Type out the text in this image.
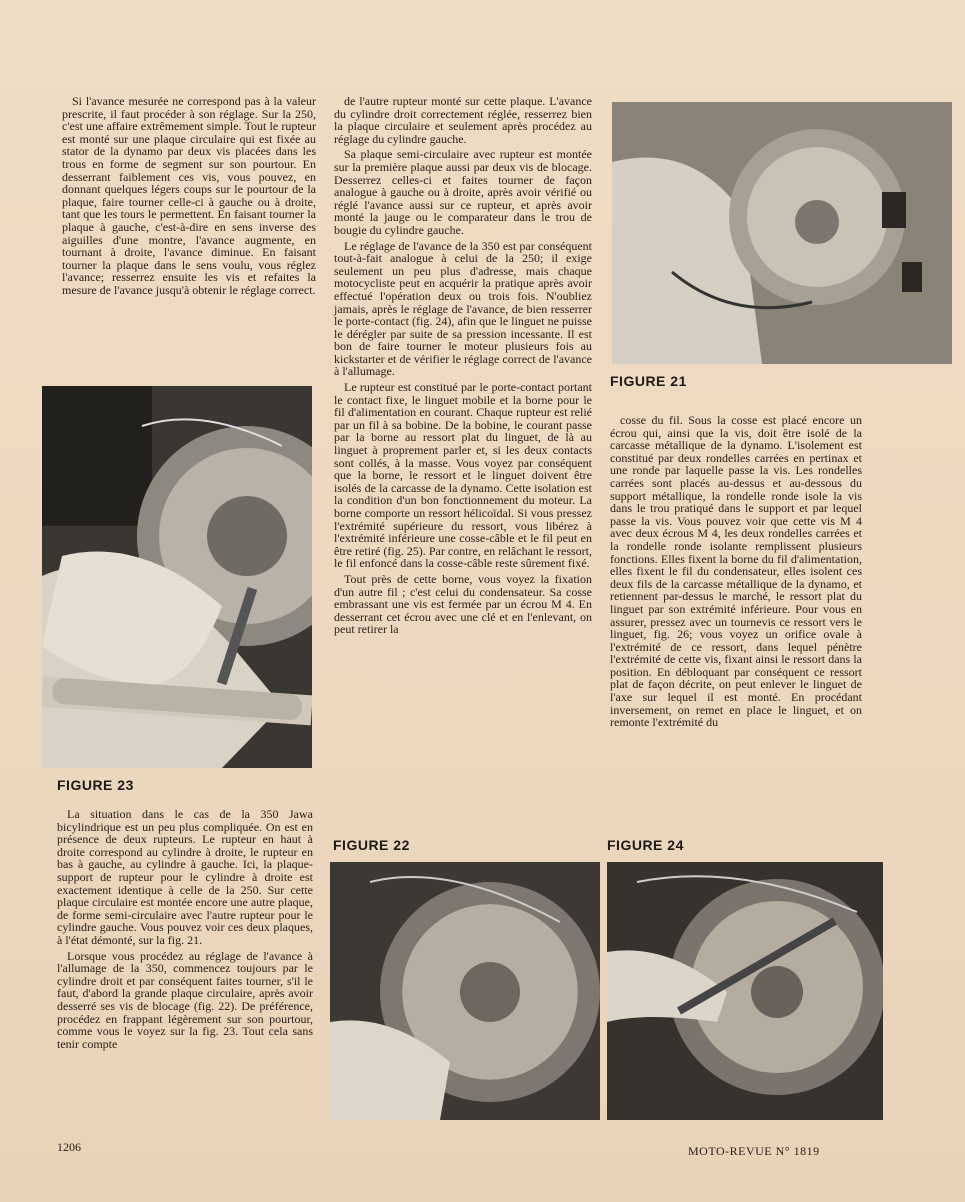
Si l'avance mesurée ne correspond pas à la valeur prescrite, il faut procéder à son réglage. Sur la 250, c'est une affaire extrêmement simple. Tout le rupteur est monté sur une plaque circulaire qui est fixée au stator de la dynamo par deux vis placées dans les trous en forme de segment sur son pourtour. En desserrant faiblement ces vis, vous pouvez, en donnant quelques légers coups sur le pourtour de la plaque, faire tourner celle-ci à gauche ou à droite, tant que les tours le permettent. En faisant tourner la plaque à gauche, c'est-à-dire en sens inverse des aiguilles d'une montre, l'avance augmente, en tournant à droite, l'avance diminue. En faisant tourner la plaque dans le sens voulu, vous réglez l'avance; resserrez ensuite les vis et refaites la mesure de l'avance jusqu'à obtenir le réglage correct.

FIGURE 23

La situation dans le cas de la 350 Jawa bicylindrique est un peu plus compliquée. On est en présence de deux rupteurs. Le rupteur en haut à droite correspond au cylindre à droite, le rupteur en bas à gauche, au cylindre à gauche. Ici, la plaque-support de rupteur pour le cylindre à droite est exactement identique à celle de la 250. Sur cette plaque circulaire est montée encore une autre plaque, de forme semi-circulaire avec l'autre rupteur pour le cylindre gauche. Vous pouvez voir ces deux plaques, à l'état démonté, sur la fig. 21.

Lorsque vous procédez au réglage de l'avance à l'allumage de la 350, commencez toujours par le cylindre droit et par conséquent faites tourner, s'il le faut, d'abord la grande plaque circulaire, après avoir desserré ses vis de blocage (fig. 22). De préférence, procédez en frappant légèrement sur son pourtour, comme vous le voyez sur la fig. 23. Tout cela sans tenir compte

de l'autre rupteur monté sur cette plaque. L'avance du cylindre droit correctement réglée, resserrez bien la plaque circulaire et seulement après procédez au réglage du cylindre gauche.

Sa plaque semi-circulaire avec rupteur est montée sur la première plaque aussi par deux vis de blocage. Desserrez celles-ci et faites tourner de façon analogue à gauche ou à droite, après avoir vérifié ou réglé l'avance aussi sur ce rupteur, et après avoir monté la jauge ou le comparateur dans le trou de bougie du cylindre gauche.

Le réglage de l'avance de la 350 est par conséquent tout-à-fait analogue à celui de la 250; il exige seulement un peu plus d'adresse, mais chaque motocycliste peut en acquérir la pratique après avoir effectué l'opération deux ou trois fois. N'oubliez jamais, après le réglage de l'avance, de bien resserrer le porte-contact (fig. 24), afin que le linguet ne puisse le dérégler par suite de sa pression incessante. Il est bon de faire tourner le moteur plusieurs fois au kickstarter et de vérifier le réglage correct de l'avance à l'allumage.

Le rupteur est constitué par le porte-contact portant le contact fixe, le linguet mobile et la borne pour le fil d'alimentation en courant. Chaque rupteur est relié par un fil à sa bobine. De la bobine, le courant passe par la borne au ressort plat du linguet, de là au linguet à proprement parler et, si les deux contacts sont collés, à la masse. Vous voyez par conséquent que la borne, le ressort et le linguet doivent être isolés de la carcasse de la dynamo. Cette isolation est la condition d'un bon fonctionnement du moteur. La borne comporte un ressort hélicoïdal. Si vous pressez l'extrémité supérieure du ressort, vous libérez à l'extrémité inférieure une cosse-câble et le fil peut en être retiré (fig. 25). Par contre, en relâchant le ressort, le fil enfoncé dans la cosse-câble reste sûrement fixé.

Tout près de cette borne, vous voyez la fixation d'un autre fil ; c'est celui du condensateur. Sa cosse embrassant une vis est fermée par un écrou M 4. En desserrant cet écrou avec une clé et en l'enlevant, on peut retirer la

FIGURE 21

cosse du fil. Sous la cosse est placé encore un écrou qui, ainsi que la vis, doit être isolé de la carcasse métallique de la dynamo. L'isolement est constitué par deux rondelles carrées en pertinax et une ronde par laquelle passe la vis. Les rondelles carrées sont placés au-dessus et au-dessous du support métallique, la rondelle ronde isole la vis dans le trou pratiqué dans le support et par lequel passe la vis. Vous pouvez voir que cette vis M 4 avec deux écrous M 4, les deux rondelles carrées et la rondelle ronde isolante remplissent plusieurs fonctions. Elles fixent la borne du fil d'alimentation, elles fixent le fil du condensateur, elles isolent ces deux fils de la carcasse métallique de la dynamo, et retiennent par-dessus le marché, le ressort plat du linguet par son extrémité inférieure. Pour vous en assurer, pressez avec un tournevis ce ressort vers le linguet, fig. 26; vous voyez un orifice ovale à l'extrémité de ce ressort, dans lequel pénètre l'extrémité de cette vis, fixant ainsi le ressort dans la position. En débloquant par conséquent ce ressort plat de façon décrite, on peut enlever le linguet de l'axe sur lequel il est monté. En procédant inversement, on remet en place le linguet, et on remonte l'extrémité du

FIGURE 22	FIGURE 24
1206	MOTO-REVUE N° 1819
